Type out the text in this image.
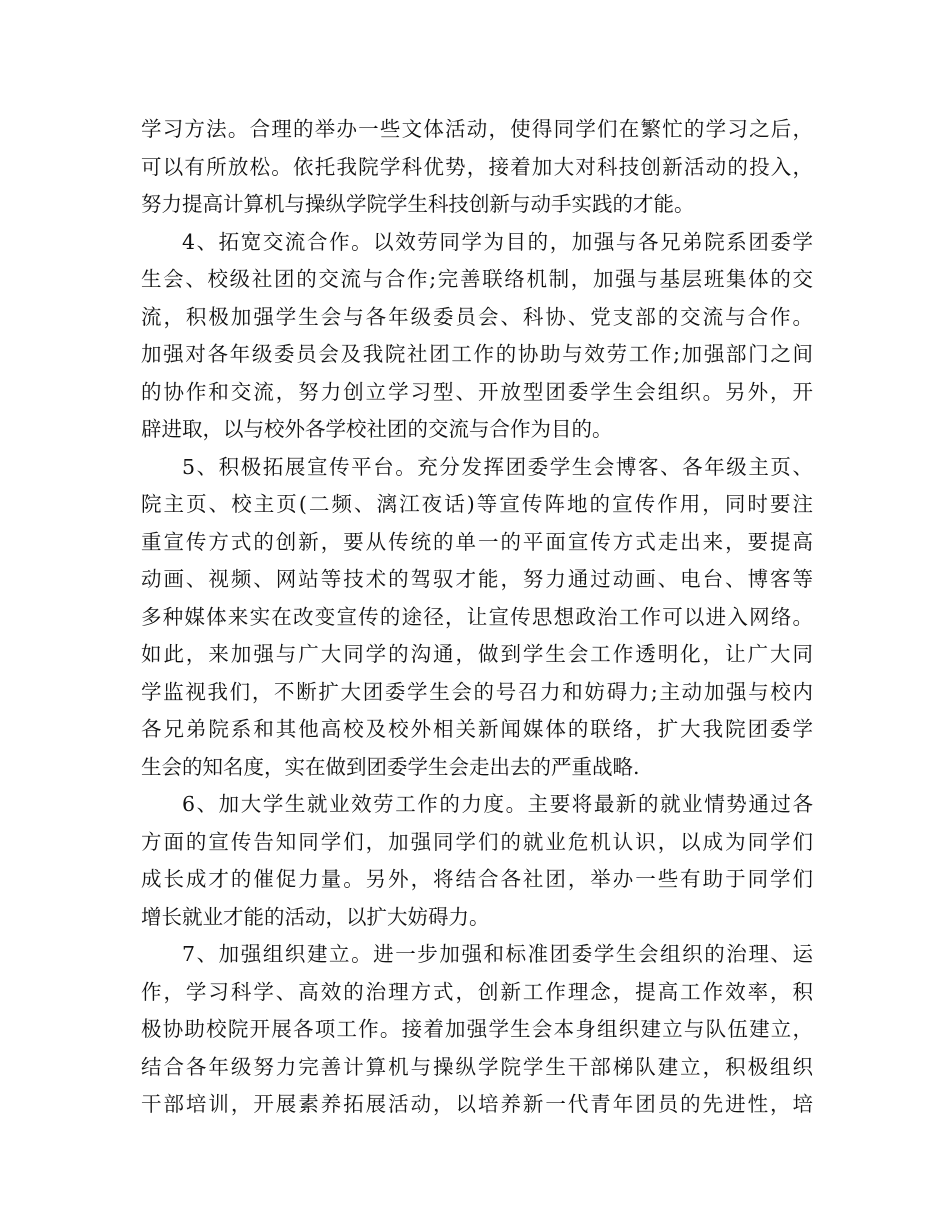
学习方法。合理的举办一些文体活动，使得同学们在繁忙的学习之后，
可以有所放松。依托我院学科优势，接着加大对科技创新活动的投入，
努力提高计算机与操纵学院学生科技创新与动手实践的才能。
4、拓宽交流合作。以效劳同学为目的，加强与各兄弟院系团委学
生会、校级社团的交流与合作;完善联络机制，加强与基层班集体的交
流，积极加强学生会与各年级委员会、科协、党支部的交流与合作。
加强对各年级委员会及我院社团工作的协助与效劳工作;加强部门之间
的协作和交流，努力创立学习型、开放型团委学生会组织。另外，开
辟进取，以与校外各学校社团的交流与合作为目的。
5、积极拓展宣传平台。充分发挥团委学生会博客、各年级主页、
院主页、校主页(二频、漓江夜话)等宣传阵地的宣传作用，同时要注
重宣传方式的创新，要从传统的单一的平面宣传方式走出来，要提高
动画、视频、网站等技术的驾驭才能，努力通过动画、电台、博客等
多种媒体来实在改变宣传的途径，让宣传思想政治工作可以进入网络。
如此，来加强与广大同学的沟通，做到学生会工作透明化，让广大同
学监视我们，不断扩大团委学生会的号召力和妨碍力;主动加强与校内
各兄弟院系和其他高校及校外相关新闻媒体的联络，扩大我院团委学
生会的知名度，实在做到团委学生会走出去的严重战略.
6、加大学生就业效劳工作的力度。主要将最新的就业情势通过各
方面的宣传告知同学们，加强同学们的就业危机认识，以成为同学们
成长成才的催促力量。另外，将结合各社团，举办一些有助于同学们
增长就业才能的活动，以扩大妨碍力。
7、加强组织建立。进一步加强和标准团委学生会组织的治理、运
作，学习科学、高效的治理方式，创新工作理念，提高工作效率，积
极协助校院开展各项工作。接着加强学生会本身组织建立与队伍建立，
结合各年级努力完善计算机与操纵学院学生干部梯队建立，积极组织
干部培训，开展素养拓展活动，以培养新一代青年团员的先进性，培
